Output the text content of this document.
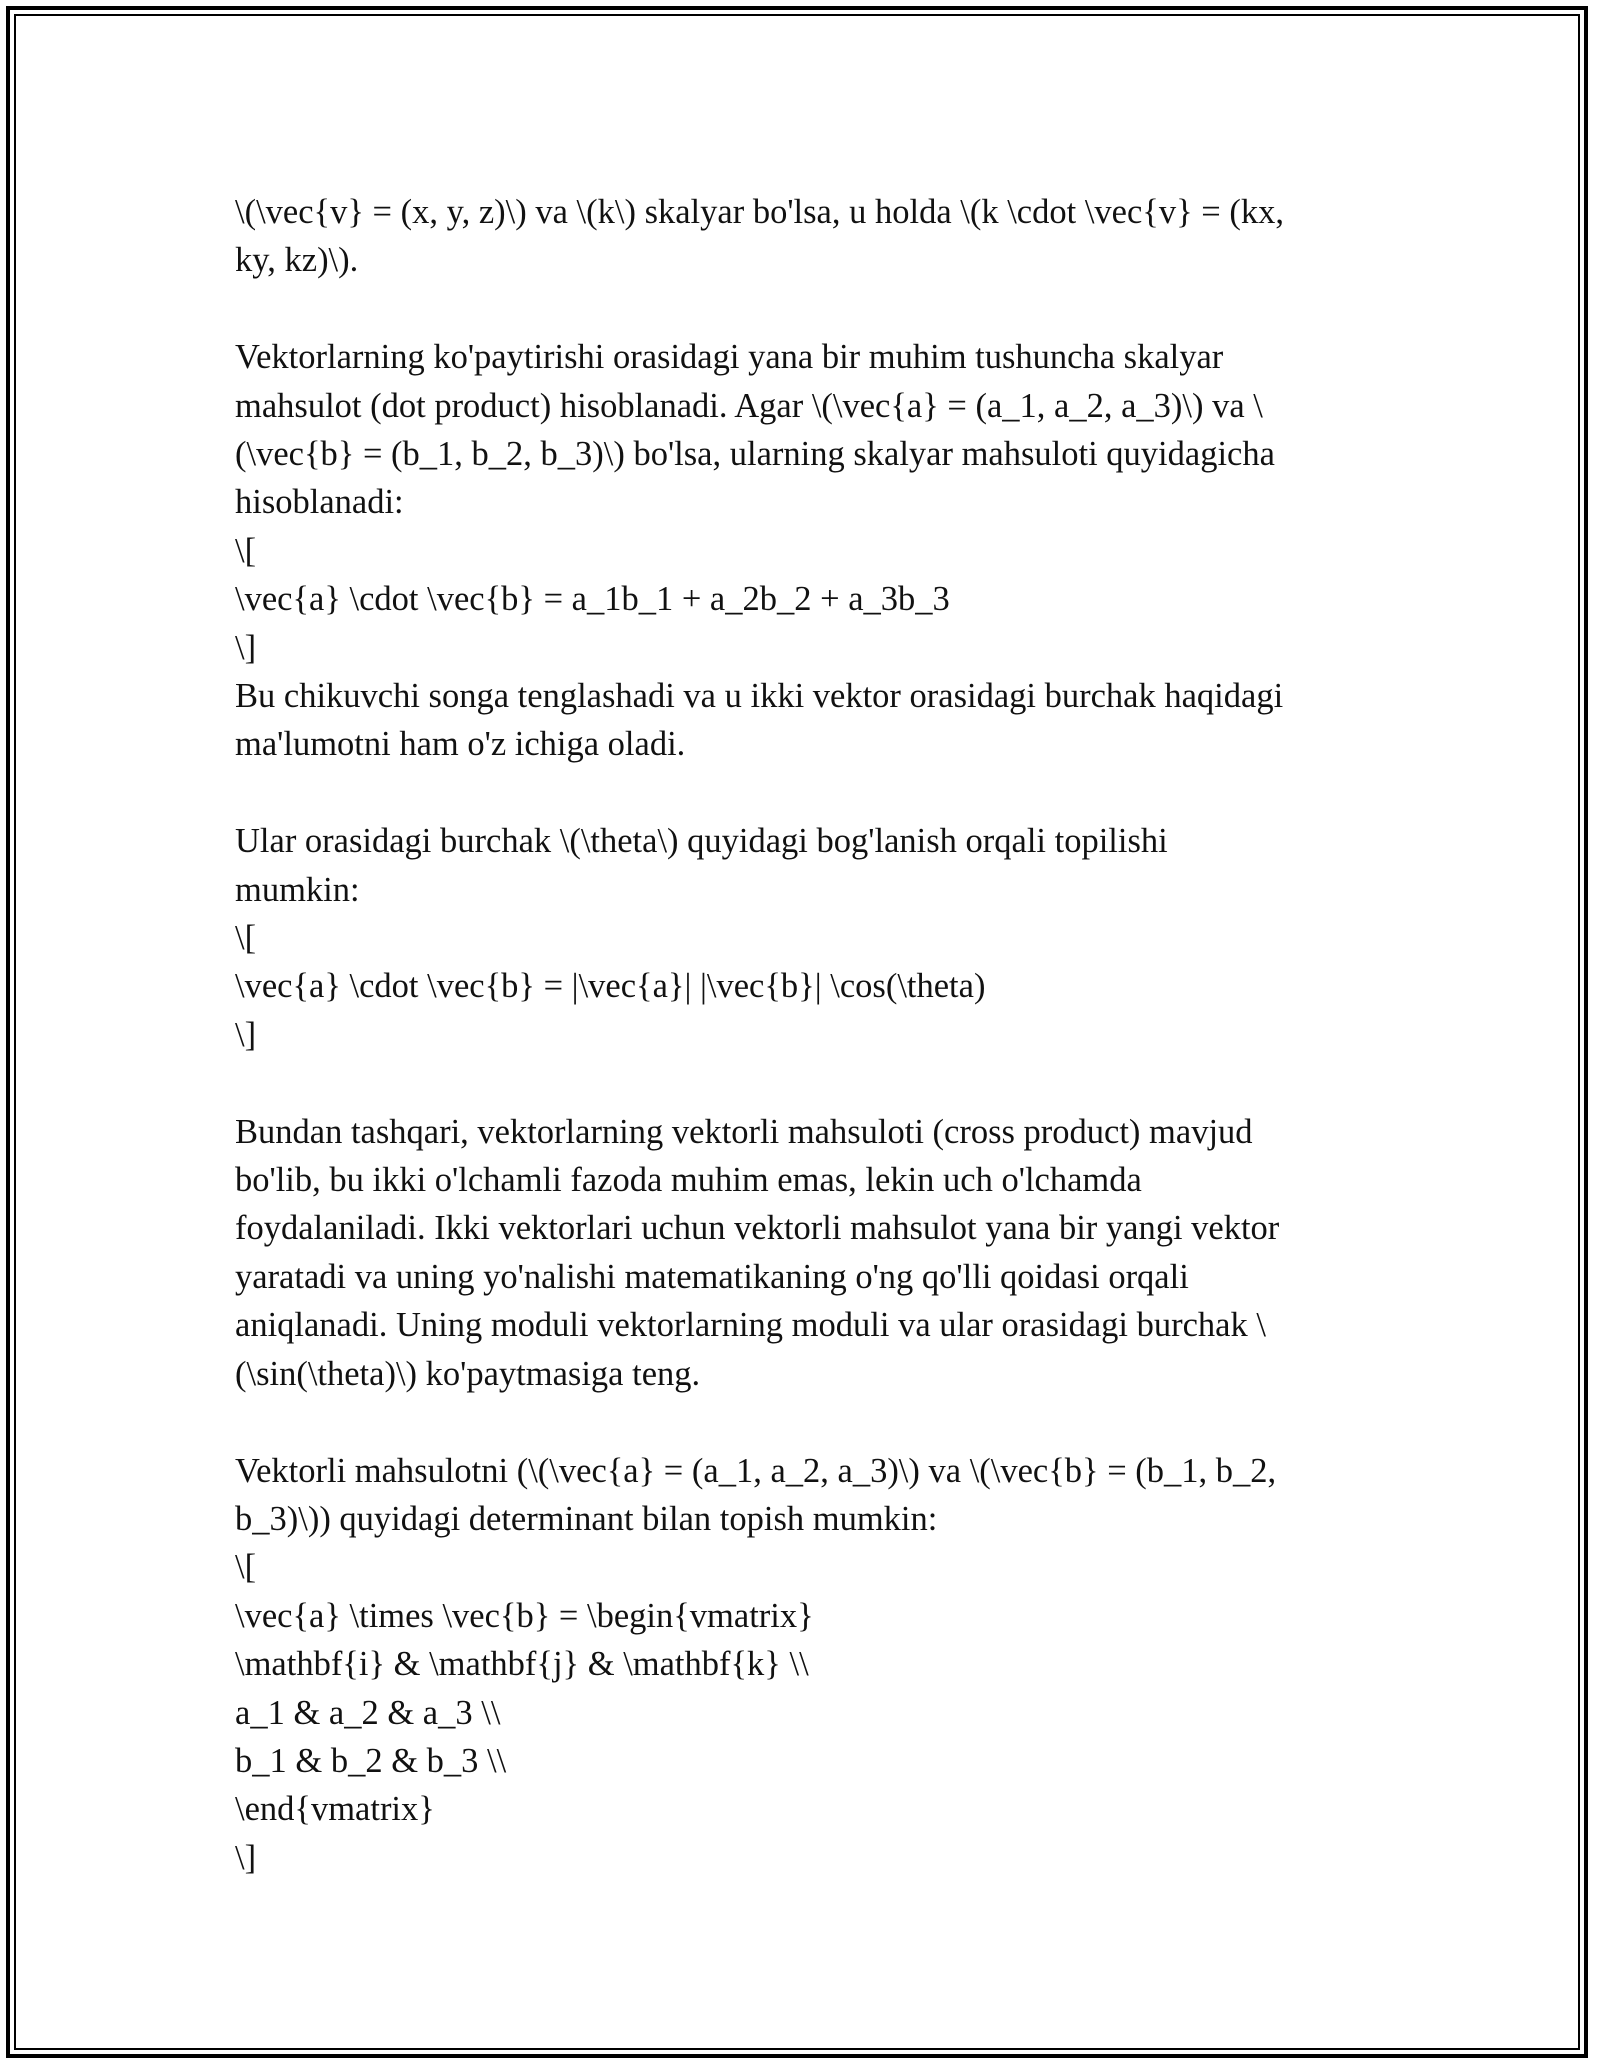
\(\vec{v} = (x, y, z)\) va \(k\) skalyar bo'lsa, u holda \(k \cdot \vec{v} = (kx,
ky, kz)\).
Vektorlarning ko'paytirishi orasidagi yana bir muhim tushuncha skalyar
mahsulot (dot product) hisoblanadi. Agar \(\vec{a} = (a_1, a_2, a_3)\) va \
(\vec{b} = (b_1, b_2, b_3)\) bo'lsa, ularning skalyar mahsuloti quyidagicha
hisoblanadi:
\[
\vec{a} \cdot \vec{b} = a_1b_1 + a_2b_2 + a_3b_3
\]
Bu chikuvchi songa tenglashadi va u ikki vektor orasidagi burchak haqidagi
ma'lumotni ham o'z ichiga oladi.
Ular orasidagi burchak \(\theta\) quyidagi bog'lanish orqali topilishi
mumkin:
\[
\vec{a} \cdot \vec{b} = |\vec{a}| |\vec{b}| \cos(\theta)
\]
Bundan tashqari, vektorlarning vektorli mahsuloti (cross product) mavjud
bo'lib, bu ikki o'lchamli fazoda muhim emas, lekin uch o'lchamda
foydalaniladi. Ikki vektorlari uchun vektorli mahsulot yana bir yangi vektor
yaratadi va uning yo'nalishi matematikaning o'ng qo'lli qoidasi orqali
aniqlanadi. Uning moduli vektorlarning moduli va ular orasidagi burchak \
(\sin(\theta)\) ko'paytmasiga teng.
Vektorli mahsulotni (\(\vec{a} = (a_1, a_2, a_3)\) va \(\vec{b} = (b_1, b_2,
b_3)\)) quyidagi determinant bilan topish mumkin:
\[
\vec{a} \times \vec{b} = \begin{vmatrix}
\mathbf{i} & \mathbf{j} & \mathbf{k} \\
a_1 & a_2 & a_3 \\
b_1 & b_2 & b_3 \\
\end{vmatrix}
\]
